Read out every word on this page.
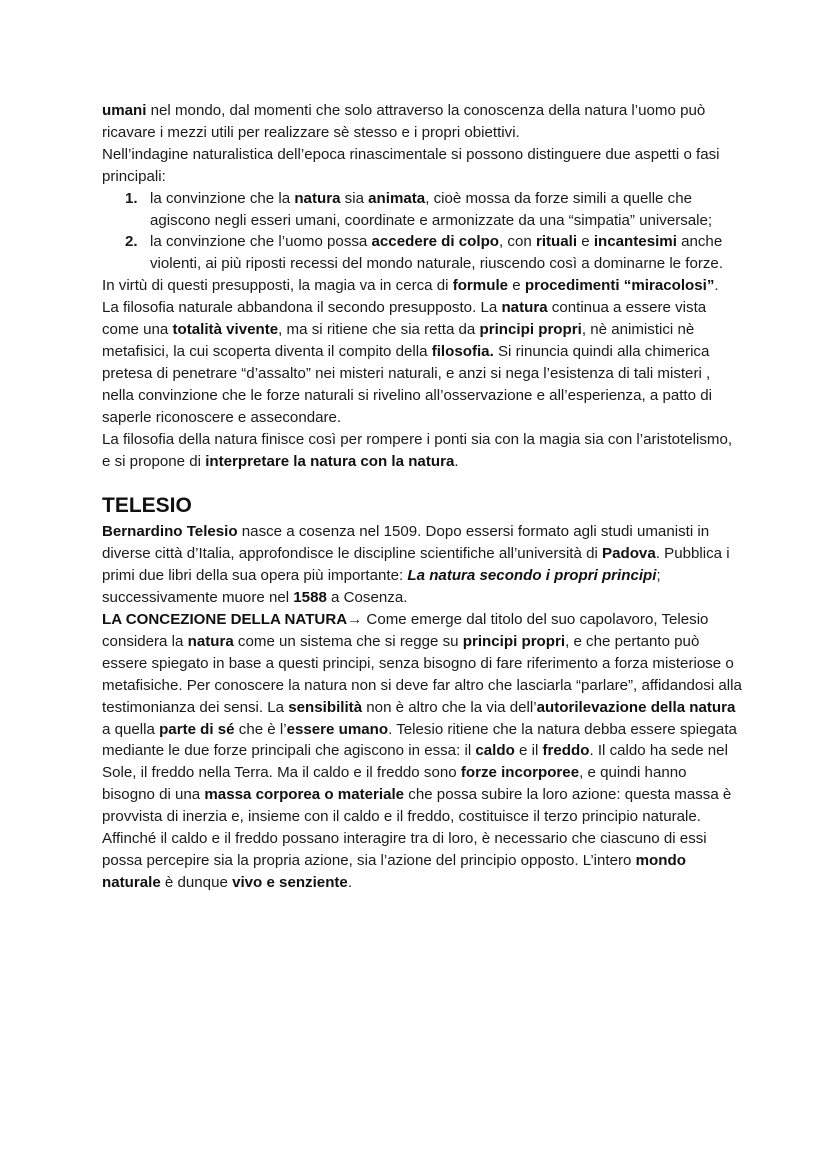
umani nel mondo, dal momenti che solo attraverso la conoscenza della natura l’uomo può ricavare i mezzi utili per realizzare sè stesso e i propri obiettivi.

Nell’indagine naturalistica dell’epoca rinascimentale si possono distinguere due aspetti o fasi principali:

1. la convinzione che la natura sia animata, cioè mossa da forze simili a quelle che agiscono negli esseri umani, coordinate e armonizzate da una “simpatia” universale;
2. la convinzione che l’uomo possa accedere di colpo, con rituali e incantesimi anche violenti, ai più riposti recessi del mondo naturale, riuscendo così a dominarne le forze.

In virtù di questi presupposti, la magia va in cerca di formule e procedimenti “miracolosi”.

La filosofia naturale abbandona il secondo presupposto. La natura continua a essere vista come una totalità vivente, ma si ritiene che sia retta da principi propri, nè animistici nè metafisici, la cui scoperta diventa il compito della filosofia. Si rinuncia quindi alla chimerica pretesa di penetrare “d’assalto” nei misteri naturali, e anzi si nega l’esistenza di tali misteri , nella convinzione che le forze naturali si rivelino all’osservazione e all’esperienza, a patto di saperle riconoscere e assecondare.

La filosofia della natura finisce così per rompere i ponti sia con la magia sia con l’aristotelismo, e si propone di interpretare la natura con la natura.

TELESIO

Bernardino Telesio nasce a cosenza nel 1509. Dopo essersi formato agli studi umanisti in diverse città d’Italia, approfondisce le discipline scientifiche all’università di Padova. Pubblica i primi due libri della sua opera più importante: La natura secondo i propri principi; successivamente muore nel 1588 a Cosenza.

LA CONCEZIONE DELLA NATURA→ Come emerge dal titolo del suo capolavoro, Telesio considera la natura come un sistema che si regge su principi propri, e che pertanto può essere spiegato in base a questi principi, senza bisogno di fare riferimento a forza misteriose o metafisiche. Per conoscere la natura non si deve far altro che lasciarla “parlare”, affidandosi alla testimonianza dei sensi. La sensibilità non è altro che la via dell’autorilevazione della natura a quella parte di sé che è l’essere umano. Telesio ritiene che la natura debba essere spiegata mediante le due forze principali che agiscono in essa: il caldo e il freddo. Il caldo ha sede nel Sole, il freddo nella Terra. Ma il caldo e il freddo sono forze incorporee, e quindi hanno bisogno di una massa corporea o materiale che possa subire la loro azione: questa massa è provvista di inerzia e, insieme con il caldo e il freddo, costituisce il terzo principio naturale.

Affinché il caldo e il freddo possano interagire tra di loro, è necessario che ciascuno di essi possa percepire sia la propria azione, sia l’azione del principio opposto. L’intero mondo naturale è dunque vivo e senziente.
